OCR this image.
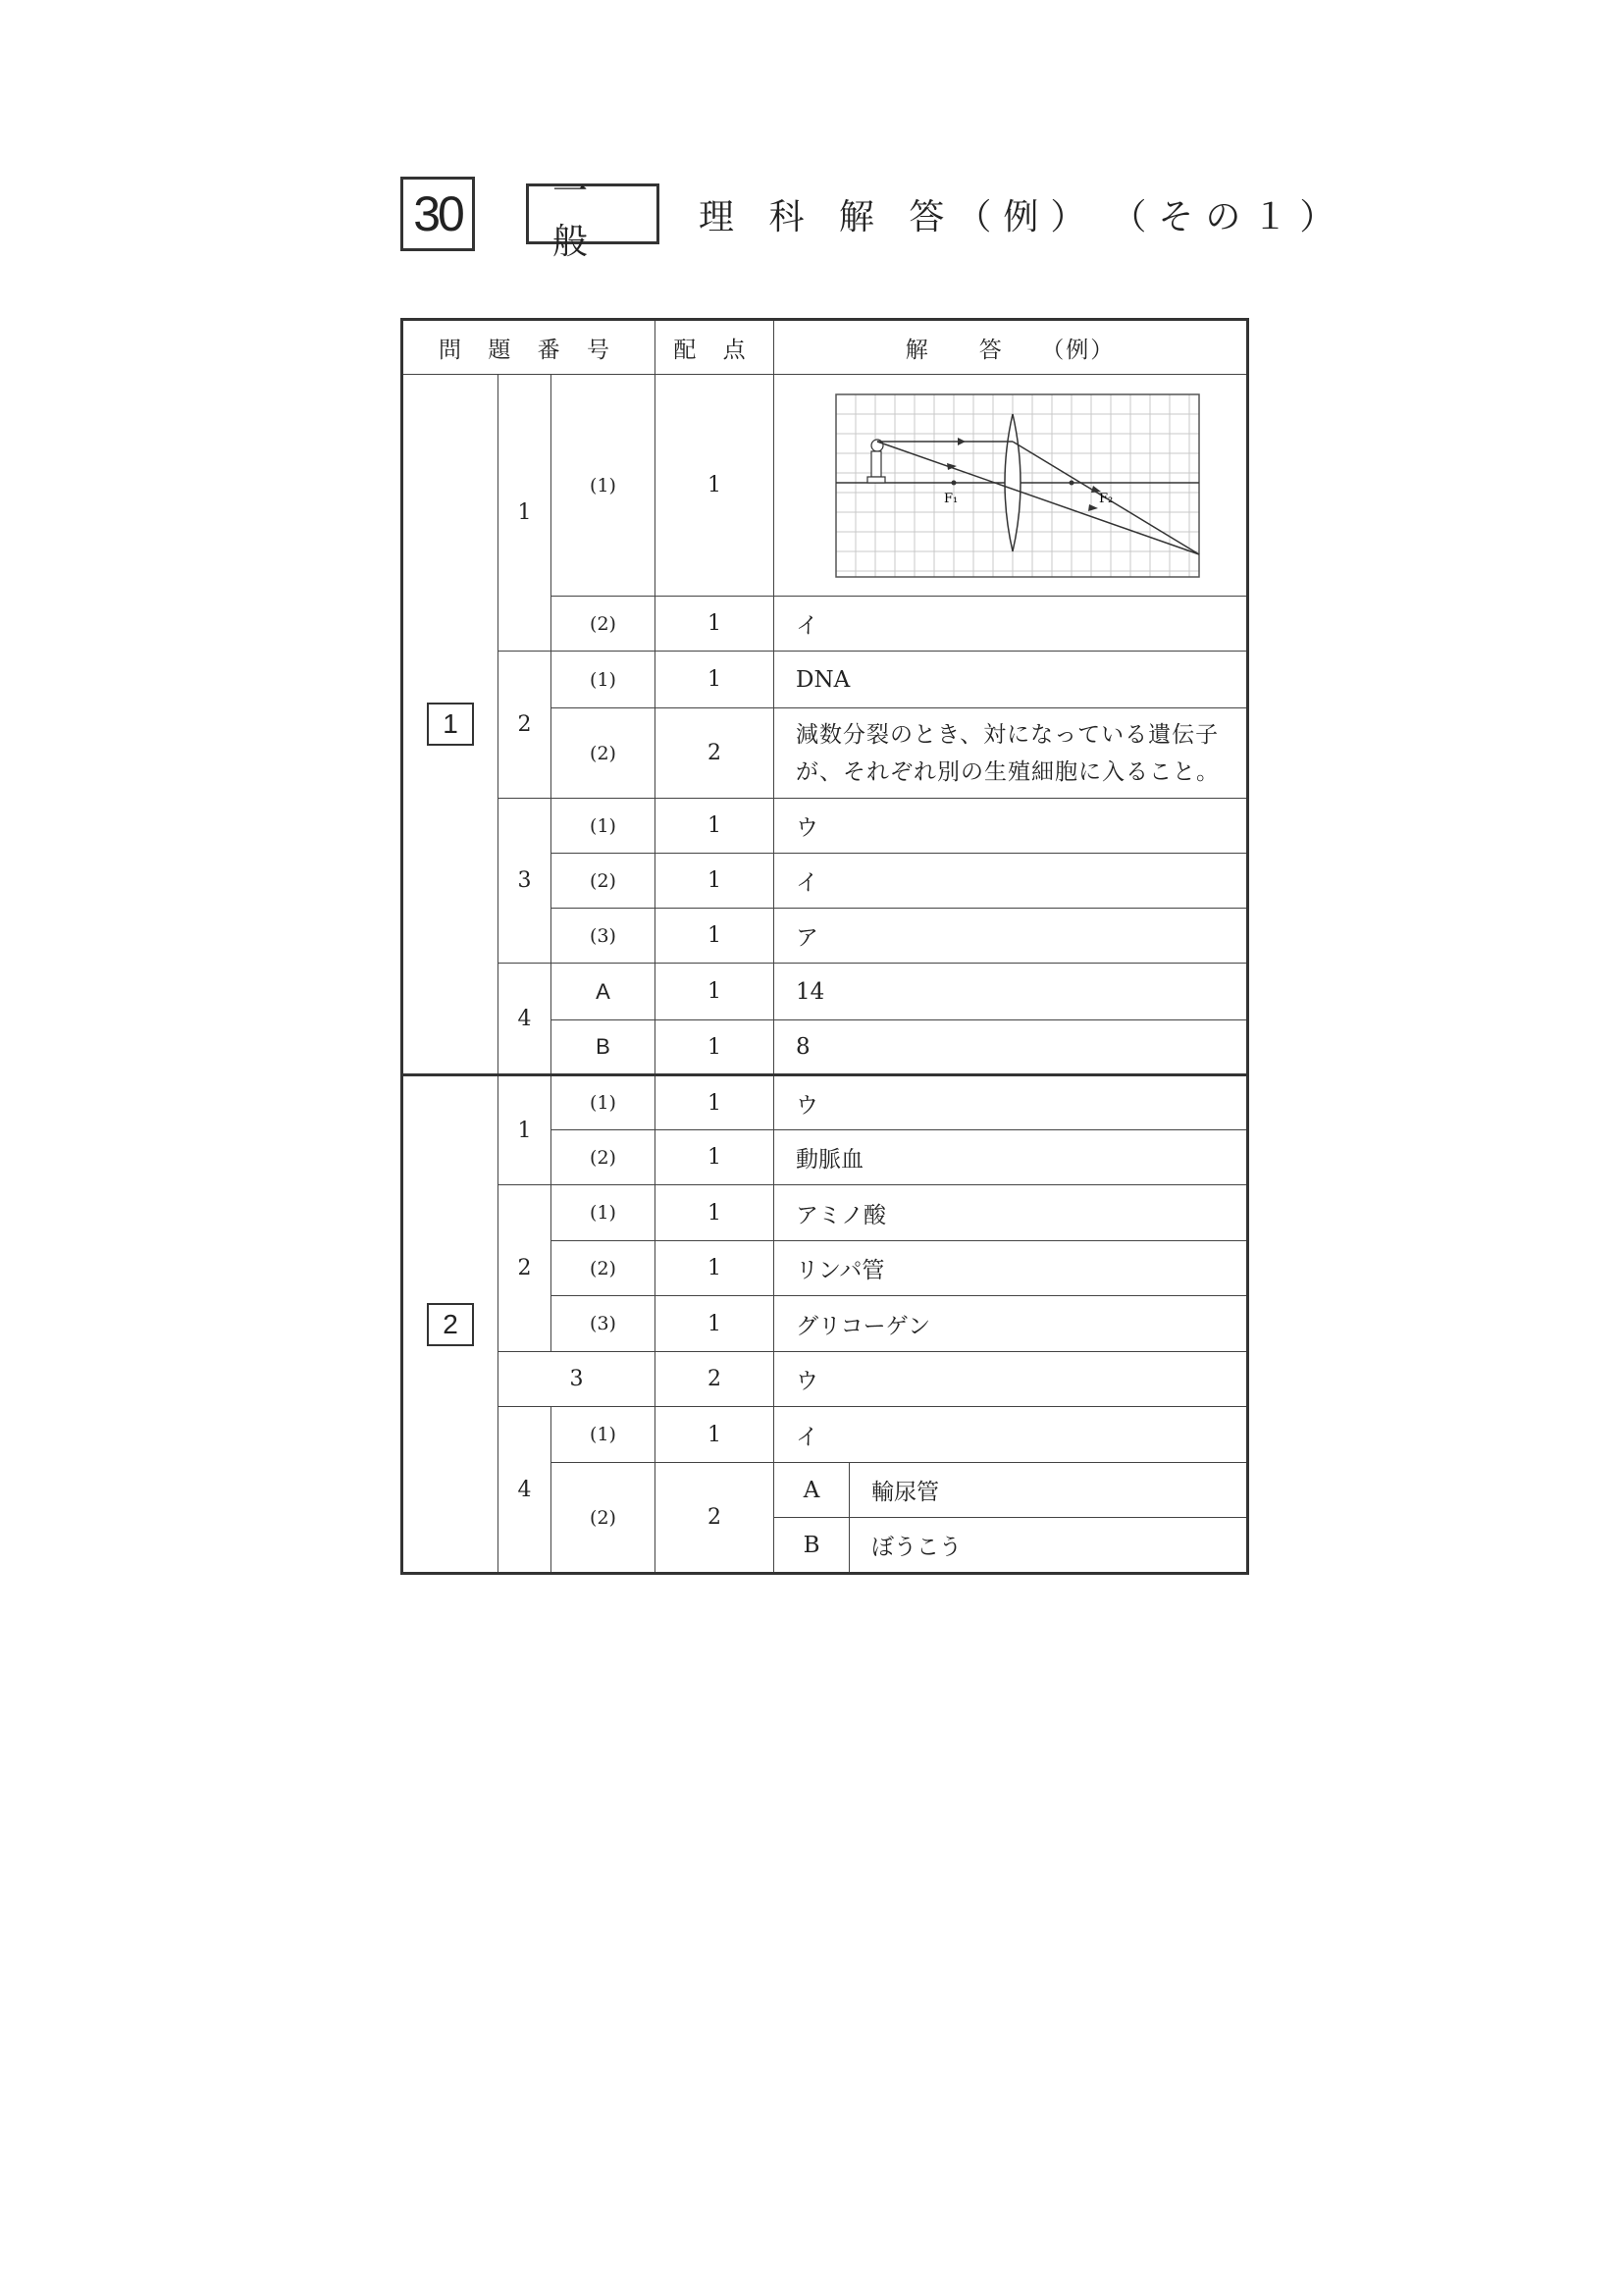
30	一 般
理 科 解 答（例） （その１）
問 題 番 号	配 点	解　　答　　（例）
1	1	(1)	1	
F₁	F₂

(2)	1	イ
2	(1)	1	DNA
(2)	2	減数分裂のとき、対になっている遺伝子
が、それぞれ別の生殖細胞に入ること。
3	(1)	1	ウ
(2)	1	イ
(3)	1	ア
4	A	1	14
B	1	8
2	1	(1)	1	ウ
(2)	1	動脈血
2	(1)	1	アミノ酸
(2)	1	リンパ管
(3)	1	グリコーゲン
3	2	ウ
4	(1)	1	イ
(2)	2	
A	輸尿管

B	ぼうこう
